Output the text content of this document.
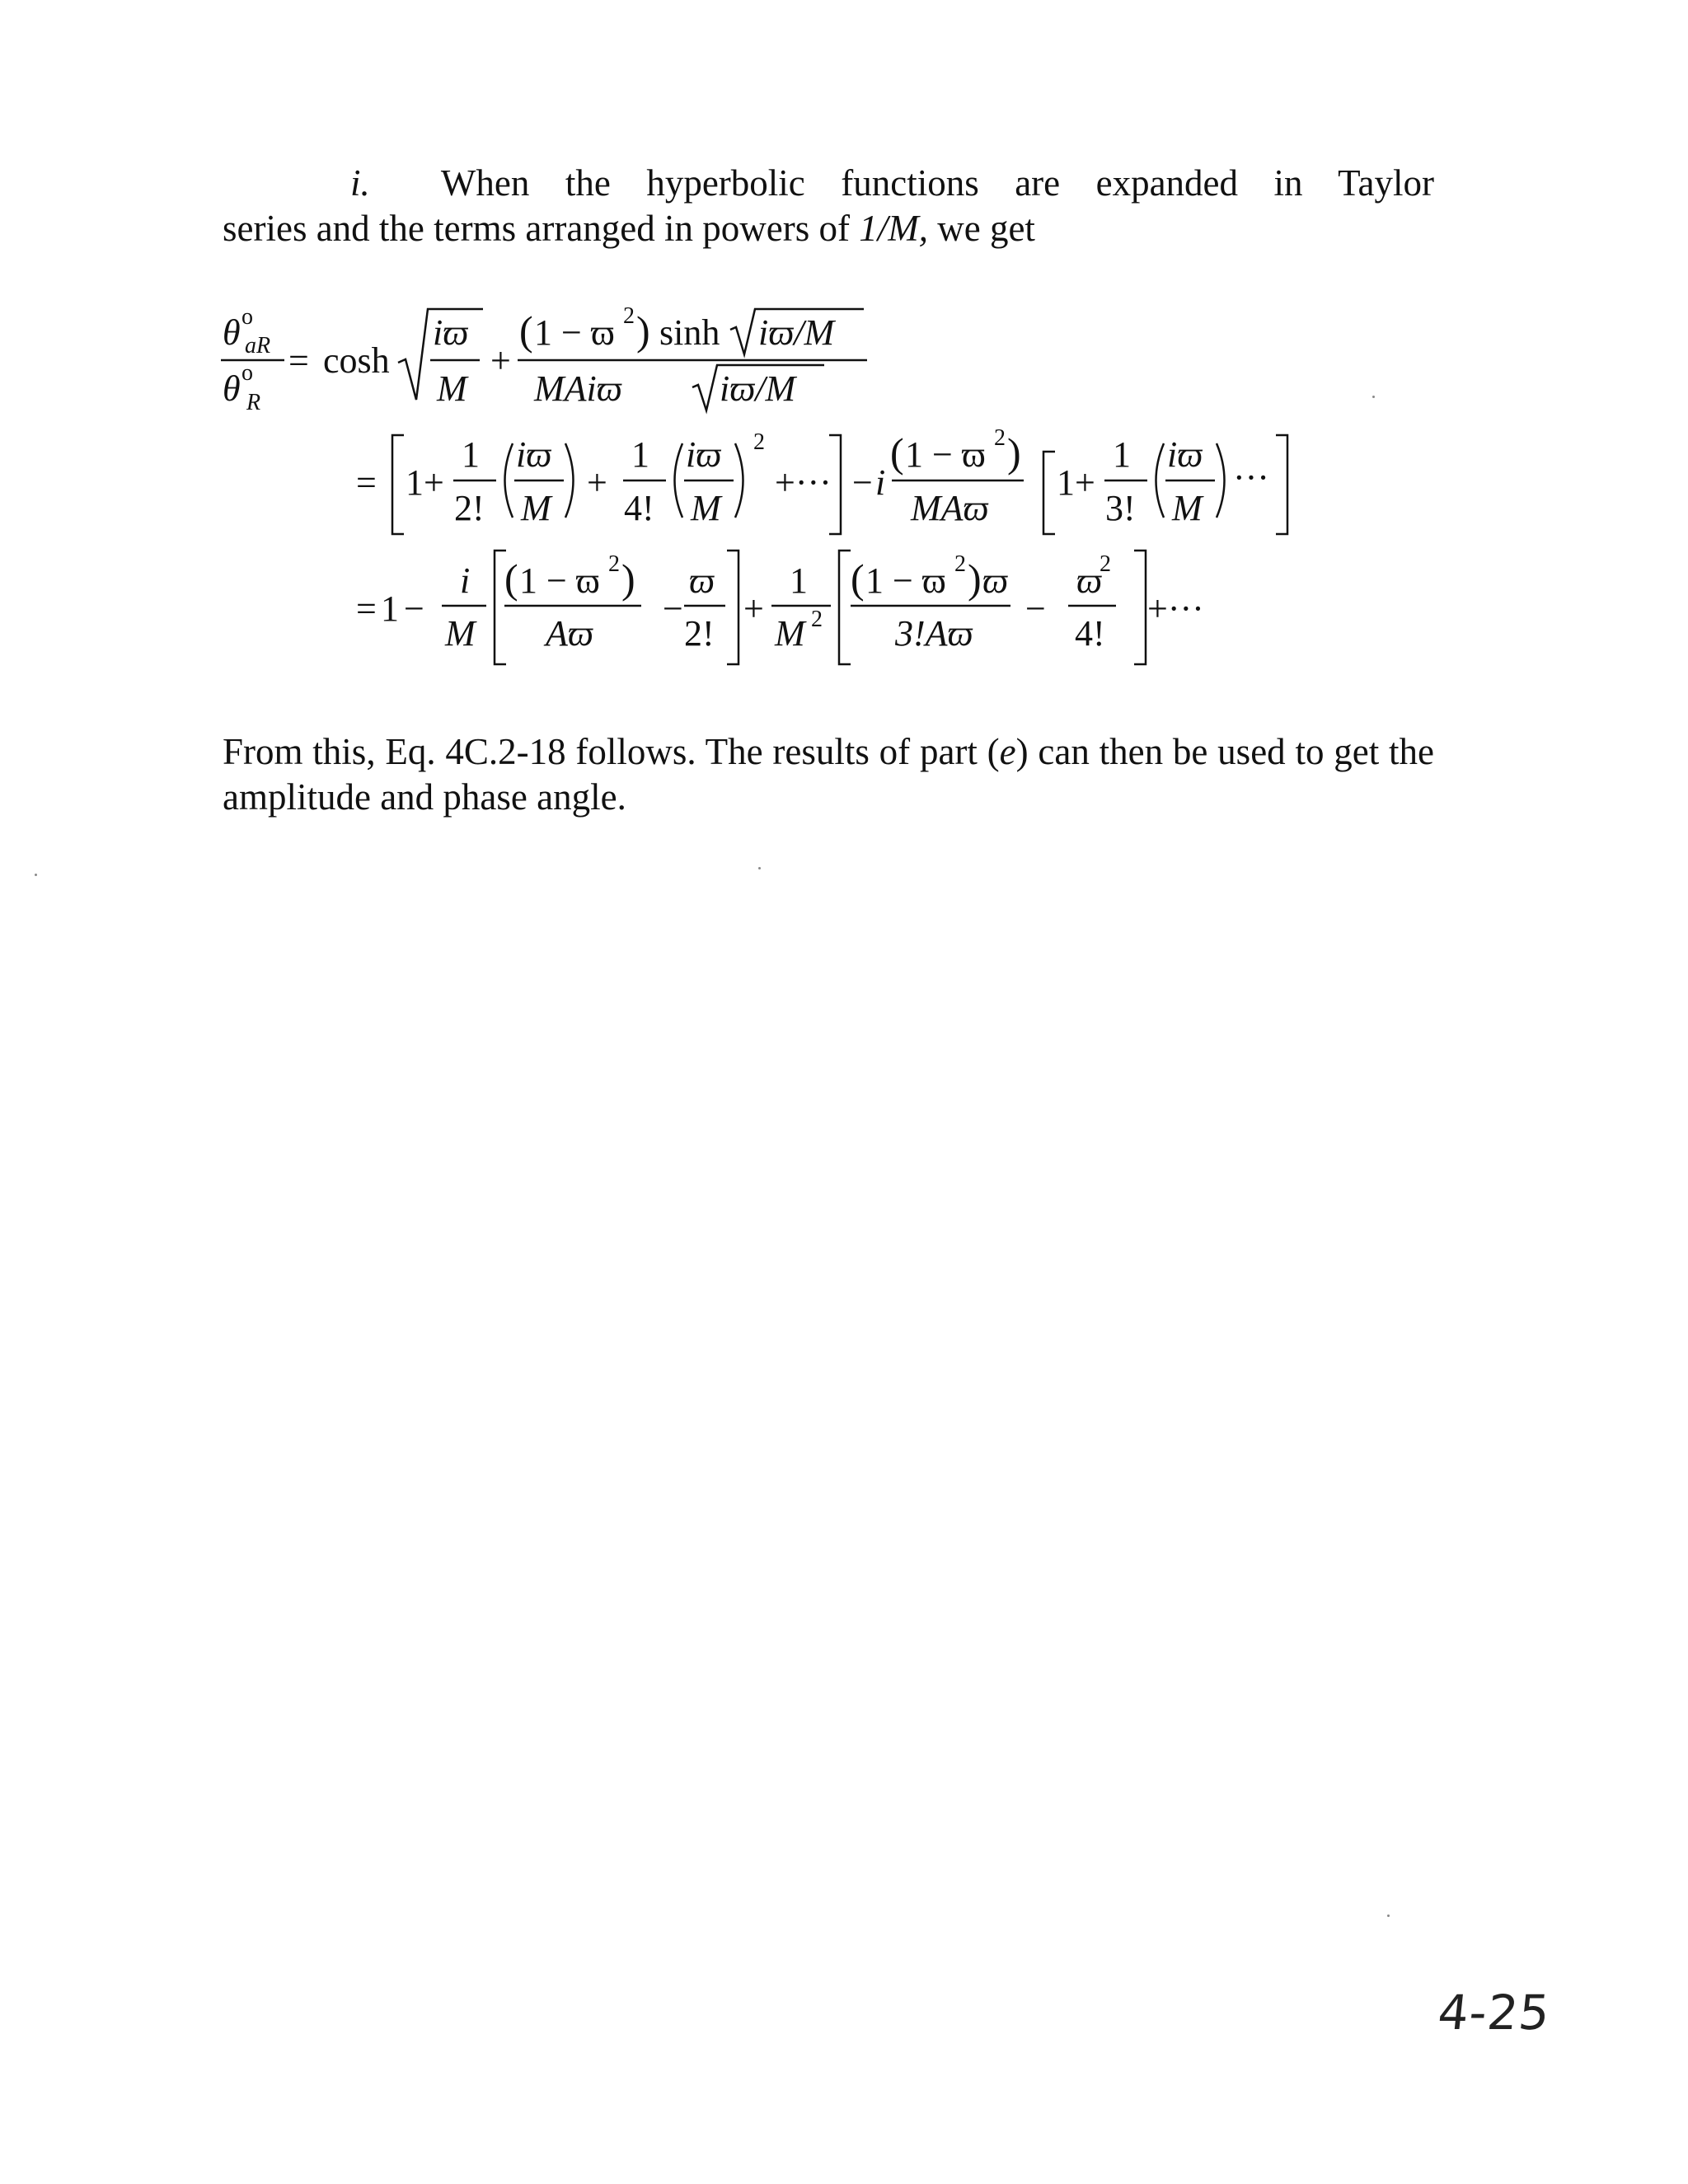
i. When the hyperbolic functions are expanded in Taylor
series and the terms arranged in powers of 1/M, we get
θ o
aR
θ o
R
= cosh
iϖ
M
+
( 1 − ϖ 2 )
MAiϖ
sinh iϖ/M
iϖ/M
= 1+
1
2!
iϖ
M
+
1
4!
iϖ
M
2
+··· − i
( 1 − ϖ 2 )
MAϖ
1+
1
3!
iϖ
M
···
= 1 −
i
M
( 1 − ϖ 2 )
Aϖ
−
ϖ
2!
+
1
M 2
( 1 − ϖ 2 ) ϖ
3!Aϖ
−
ϖ
2
4!
+···
From this, Eq. 4C.2-18 follows. The results of part (e) can then be used to get the amplitude and phase angle.
4-25
